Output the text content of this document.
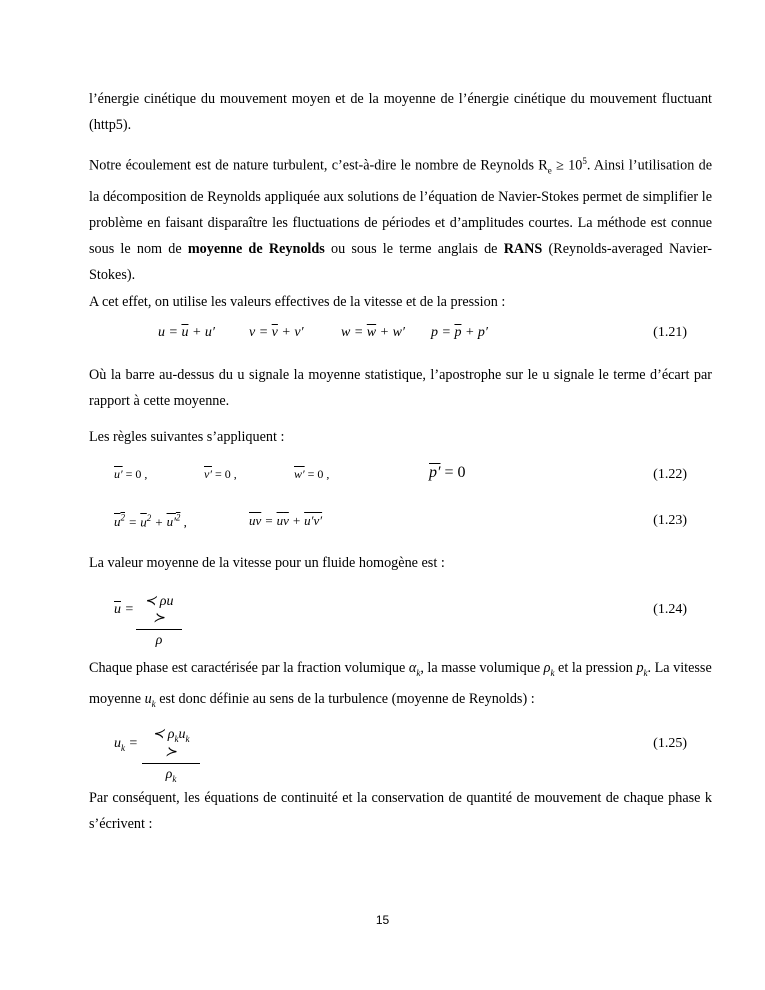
l’énergie cinétique du mouvement moyen et de la moyenne de l’énergie cinétique du mouvement fluctuant (http5).

Notre écoulement est de nature turbulent, c’est-à-dire le nombre de Reynolds $R_e \ge 10^5$. Ainsi l’utilisation de la décomposition de Reynolds appliquée aux solutions de l’équation de Navier-Stokes permet de simplifier le problème en faisant disparaître les fluctuations de périodes et d’amplitudes courtes. La méthode est connue sous le nom de moyenne de Reynolds ou sous le terme anglais de RANS (Reynolds-averaged Navier-Stokes).

A cet effet, on utilise les valeurs effectives de la vitesse et de la pression :

$u = \overline{u} + u'$ $v = \overline{v} + v'$	$w = \overline{w} + w'$ $p = \overline{p} + p'$	(1.21)

Où la barre au-dessus du u signale la moyenne statistique, l’apostrophe sur le u signale le terme d’écart par rapport à cette moyenne.

Les règles suivantes s’appliquent :

u′ = 0 ,	v′ = 0 ,	w′ = 0 ,	p′ = 0	(1.22)
$u^2 = \overline{u}^2 + u'^2$ ,	$\overline{uv} = \overline{u}\overline{v} + u'v'$	(1.23)

La valeur moyenne de la vitesse pour un fluide homogène est :

$\overline{u} = \frac{≺ \rho u ≻}{\rho}$	(1.24)

Chaque phase est caractérisée par la fraction volumique $\alpha_k$, la masse volumique $\rho_k$ et la pression $p_k$. La vitesse moyenne $u_k$ est donc définie au sens de la turbulence (moyenne de Reynolds) :

$u_k$ =
≺ $\rho_ku_k$ ≻
$\rho_k$
(1.25)

Par conséquent, les équations de continuité et la conservation de quantité de mouvement de chaque phase k s’écrivent :

15
